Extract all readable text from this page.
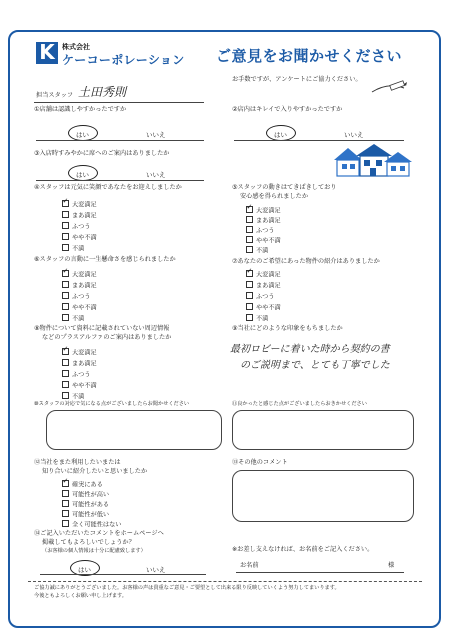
K	株式会社
ケーコーポレーション ご意見をお聞かせください
担当スタッフ 土田秀則
お手数ですが、アンケートにご協力ください。
①店舗は認識しやすかったですか
はい	いいえ
②店内はキレイで入りやすかったですか
はい	いいえ
③入店時すみやかに席へのご案内はありましたか
はい	いいえ
④スタッフは元気に笑顔であなたをお迎えしましたか
✓大変満足
まあ満足
ふつう
やや不満
不満
⑤スタッフの動きはてきぱきしており
安心感を得られましたか
✓大変満足
まあ満足
ふつう
やや不満
不満
⑥スタッフの言動に一生懸命さを感じられましたか
✓大変満足
まあ満足
ふつう
やや不満
不満
⑦あなたのご希望にあった物件の紹介はありましたか
✓大変満足
まあ満足
ふつう
やや不満
不満
⑧物件について資料に記載されていない周辺情報
などのプラスアルファのご案内はありましたか
✓大変満足
まあ満足
ふつう
やや不満
不満
⑨当社にどのような印象をもちましたか
最初ロビーに着いた時から契約の書
のご説明まで、とても丁寧でした
⑩スタッフの対応で気になる点がございましたらお聞かせください	⑪良かったと感じた点がございましたらおきかせください
⑫当社をまた利用したいまたは
知り合いに紹介したいと思いましたか
✓確実にある
可能性が高い
可能性がある
可能性が低い
全く可能性はない
⑬その他のコメント
⑭ご記入いただいたコメントをホームページへ
掲載してもよろしいでしょうか？
（お客様の個人情報は十分に配慮致します）
はい	いいえ
※お差し支えなければ、お名前をご記入ください。
お名前	様
ご協力誠にありがとうございました。お客様の声は貴重なご意見・ご要望として出来る限り反映していくよう努力してまいります。
今後ともよろしくお願い申し上げます。
